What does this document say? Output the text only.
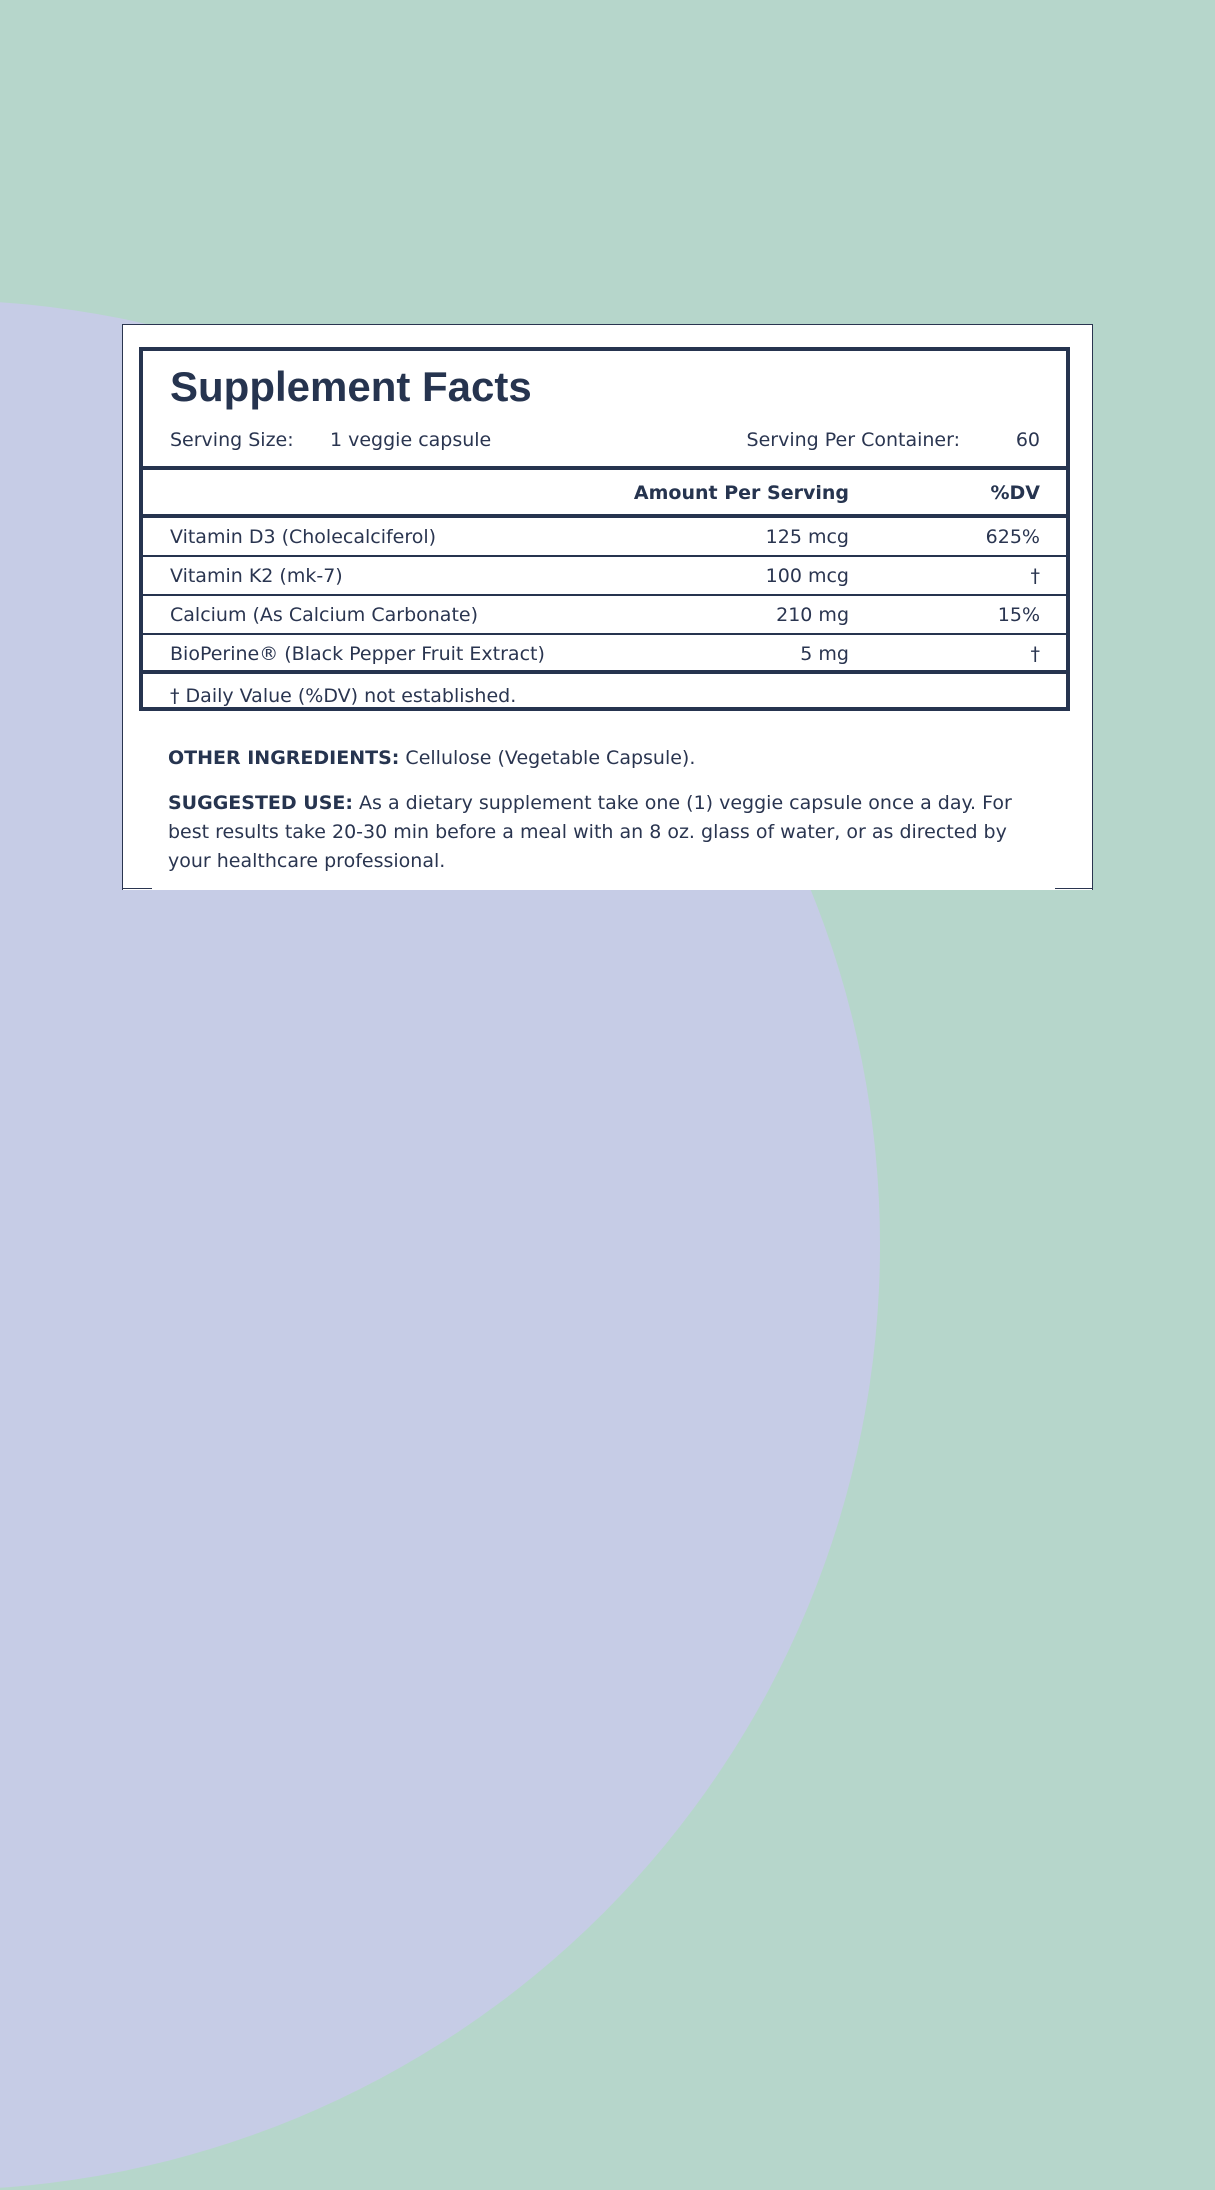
Supplement Facts
Serving Size: 1 veggie capsule	Serving Per Container:	60
Amount Per Serving	%DV
Vitamin D3 (Cholecalciferol)	125 mcg	625%
Vitamin K2 (mk-7)	100 mcg	†
Calcium (As Calcium Carbonate)	210 mg	15%
BioPerine® (Black Pepper Fruit Extract)	5 mg	†
† Daily Value (%DV) not established.

OTHER INGREDIENTS: Cellulose (Vegetable Capsule).

SUGGESTED USE: As a dietary supplement take one (1) veggie capsule once a day. For best results take 20-30 min before a meal with an 8 oz. glass of water, or as directed by your healthcare professional.
